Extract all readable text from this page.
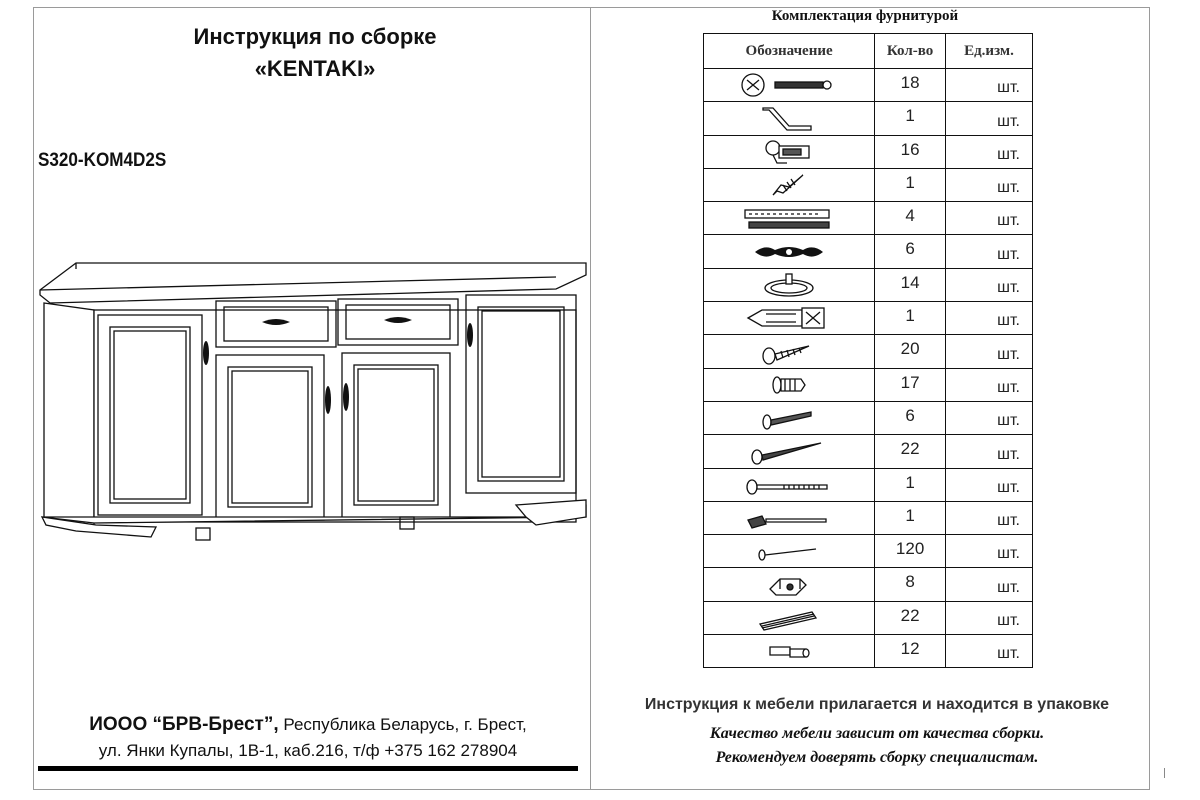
Инструкция по сборке
«KENTAKI»
S320-KOM4D2S
ИООО “БРВ-Брест”, Республика Беларусь, г. Брест,
ул. Янки Купалы, 1В-1, каб.216, т/ф +375 162 278904
Комплектация фурнитурой
Обозначение	Кол-во	Ед.изм.

18	шт.

1	шт.

16	шт.

1	шт.

4	шт.

6	шт.

14	шт.

1	шт.

20	шт.

17	шт.

6	шт.

22	шт.

1	шт.

1	шт.

120	шт.

8	шт.

22	шт.

12	шт.
Инструкция к мебели прилагается и находится в упаковке
Качество мебели зависит от качества сборки.
Рекомендуем доверять сборку специалистам.
